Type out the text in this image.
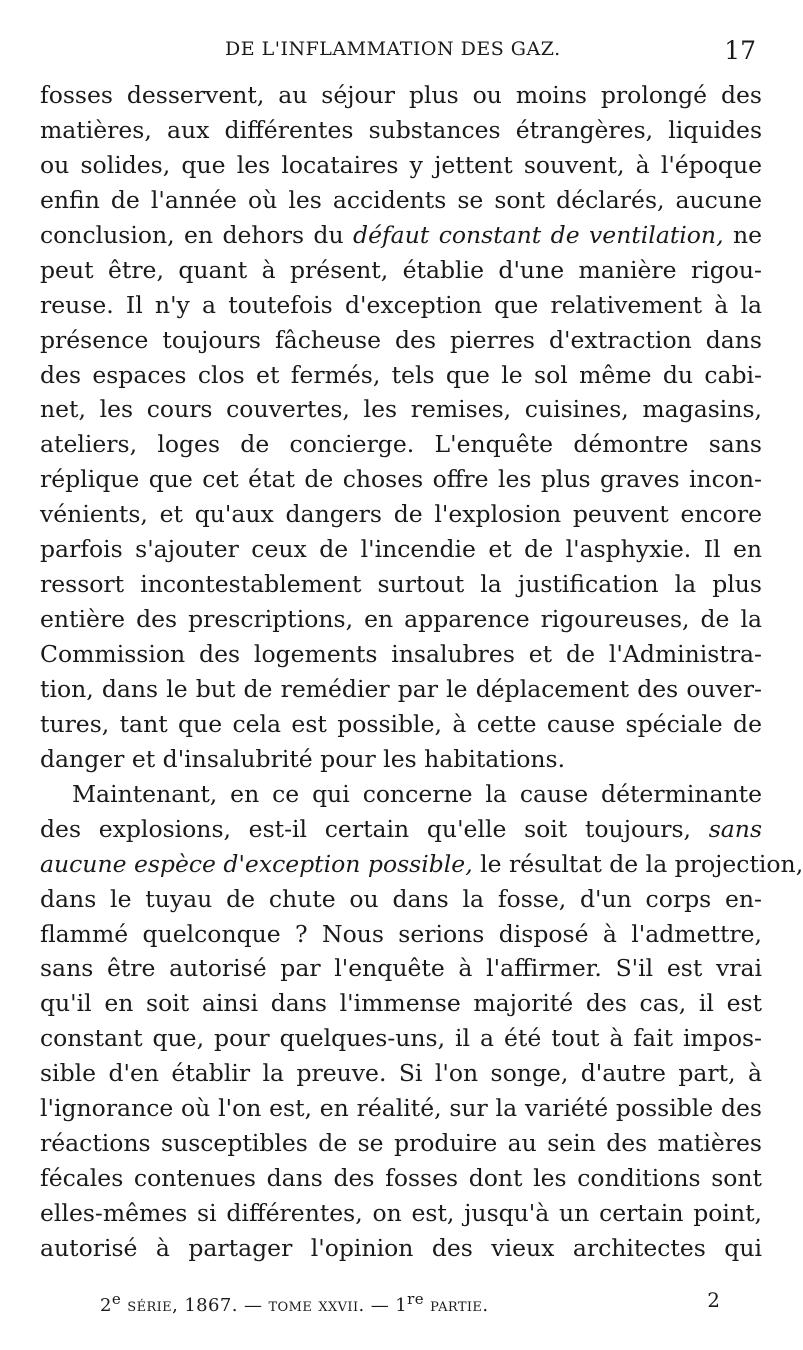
DE L'INFLAMMATION DES GAZ.	17
fosses desservent, au séjour plus ou moins prolongé des
matières, aux différentes substances étrangères, liquides
ou solides, que les locataires y jettent souvent, à l'époque
enfin de l'année où les accidents se sont déclarés, aucune
conclusion, en dehors du défaut constant de ventilation, ne
peut être, quant à présent, établie d'une manière rigou-
reuse. Il n'y a toutefois d'exception que relativement à la
présence toujours fâcheuse des pierres d'extraction dans
des espaces clos et fermés, tels que le sol même du cabi-
net, les cours couvertes, les remises, cuisines, magasins,
ateliers, loges de concierge. L'enquête démontre sans
réplique que cet état de choses offre les plus graves incon-
vénients, et qu'aux dangers de l'explosion peuvent encore
parfois s'ajouter ceux de l'incendie et de l'asphyxie. Il en
ressort incontestablement surtout la justification la plus
entière des prescriptions, en apparence rigoureuses, de la
Commission des logements insalubres et de l'Administra-
tion, dans le but de remédier par le déplacement des ouver-
tures, tant que cela est possible, à cette cause spéciale de
danger et d'insalubrité pour les habitations.
Maintenant, en ce qui concerne la cause déterminante
des explosions, est-il certain qu'elle soit toujours, sans
aucune espèce d'exception possible, le résultat de la projection,
dans le tuyau de chute ou dans la fosse, d'un corps en-
flammé quelconque ? Nous serions disposé à l'admettre,
sans être autorisé par l'enquête à l'affirmer. S'il est vrai
qu'il en soit ainsi dans l'immense majorité des cas, il est
constant que, pour quelques-uns, il a été tout à fait impos-
sible d'en établir la preuve. Si l'on songe, d'autre part, à
l'ignorance où l'on est, en réalité, sur la variété possible des
réactions susceptibles de se produire au sein des matières
fécales contenues dans des fosses dont les conditions sont
elles-mêmes si différentes, on est, jusqu'à un certain point,
autorisé à partager l'opinion des vieux architectes qui
2e série, 1867. — tome xxvii. — 1re partie.	2
